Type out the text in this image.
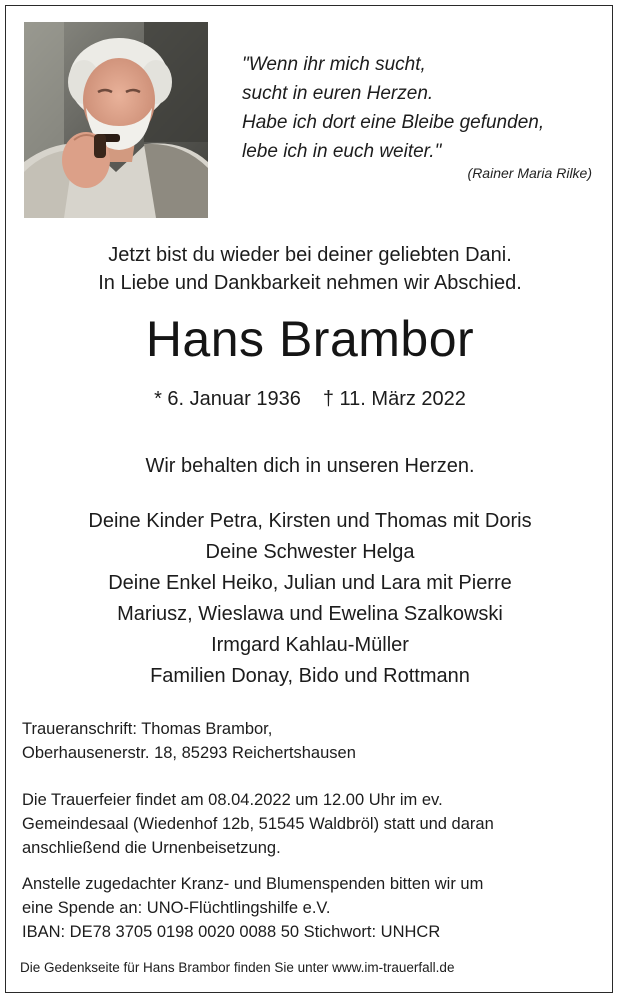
"Wenn ihr mich sucht,
sucht in euren Herzen.
Habe ich dort eine Bleibe gefunden,
lebe ich in euch weiter."
(Rainer Maria Rilke)
Jetzt bist du wieder bei deiner geliebten Dani.
In Liebe und Dankbarkeit nehmen wir Abschied.
Hans Brambor
* 6. Januar 1936 † 11. März 2022
Wir behalten dich in unseren Herzen.
Deine Kinder Petra, Kirsten und Thomas mit Doris
Deine Schwester Helga
Deine Enkel Heiko, Julian und Lara mit Pierre
Mariusz, Wieslawa und Ewelina Szalkowski
Irmgard Kahlau-Müller
Familien Donay, Bido und Rottmann
Traueranschrift: Thomas Brambor,
Oberhausenerstr. 18, 85293 Reichertshausen
Die Trauerfeier findet am 08.04.2022 um 12.00 Uhr im ev.
Gemeindesaal (Wiedenhof 12b, 51545 Waldbröl) statt und daran
anschließend die Urnenbeisetzung.
Anstelle zugedachter Kranz- und Blumenspenden bitten wir um
eine Spende an: UNO-Flüchtlingshilfe e.V.
IBAN: DE78 3705 0198 0020 0088 50 Stichwort: UNHCR
Die Gedenkseite für Hans Brambor finden Sie unter www.im-trauerfall.de
